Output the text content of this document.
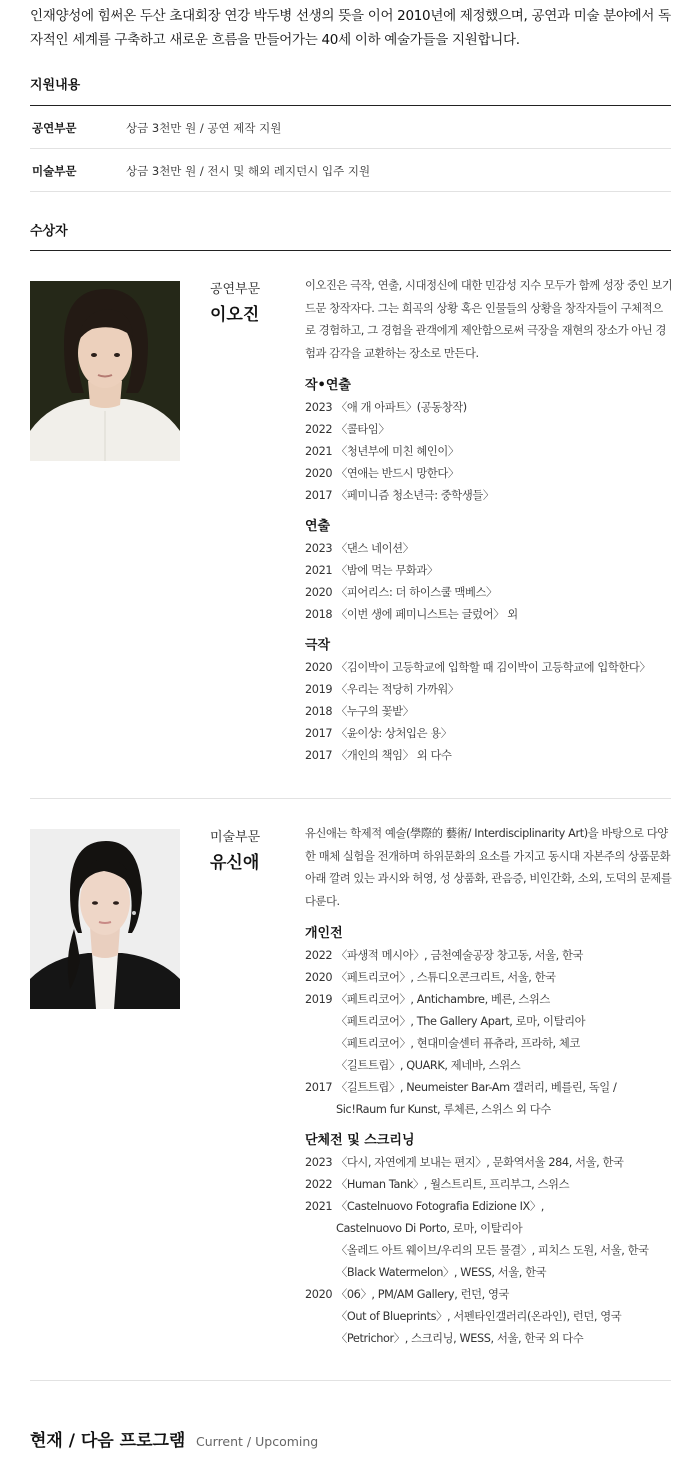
인재양성에 힘써온 두산 초대회장 연강 박두병 선생의 뜻을 이어 2010년에 제정했으며, 공연과 미술 분야에서 독자적인 세계를 구축하고 새로운 흐름을 만들어가는 40세 이하 예술가들을 지원합니다.

지원내용
공연부문	상금 3천만 원 / 공연 제작 지원
미술부문	상금 3천만 원 / 전시 및 해외 레지던시 입주 지원
수상자
공연부문
이오진

이오진은 극작, 연출, 시대정신에 대한 민감성 지수 모두가 함께 성장 중인 보기 드문 창작자다. 그는 희곡의 상황 혹은 인물들의 상황을 창작자들이 구체적으로 경험하고, 그 경험을 관객에게 제안함으로써 극장을 재현의 장소가 아닌 경험과 감각을 교환하는 장소로 만든다.

작•연출
2023 〈애 개 아파트〉(공동창작)
2022 〈콜타임〉
2021 〈청년부에 미친 혜인이〉
2020 〈연애는 반드시 망한다〉
2017 〈페미니즘 청소년극: 중학생들〉
연출
2023 〈댄스 네이션〉
2021 〈밤에 먹는 무화과〉
2020 〈피어리스: 더 하이스쿨 맥베스〉
2018 〈이번 생에 페미니스트는 글렀어〉 외
극작
2020 〈김이박이 고등학교에 입학할 때 김이박이 고등학교에 입학한다〉
2019 〈우리는 적당히 가까워〉
2018 〈누구의 꽃밭〉
2017 〈윤이상: 상처입은 용〉
2017 〈개인의 책임〉 외 다수
미술부문
유신애

유신애는 학제적 예술(學際的 藝術/ Interdisciplinarity Art)을 바탕으로 다양한 매체 실험을 전개하며 하위문화의 요소를 가지고 동시대 자본주의 상품문화 아래 깔려 있는 과시와 허영, 성 상품화, 관음증, 비인간화, 소외, 도덕의 문제를 다룬다.

개인전
2022 〈파생적 메시아〉, 금천예술공장 창고동, 서울, 한국
2020 〈페트리코어〉, 스튜디오콘크리트, 서울, 한국
2019 〈페트리코어〉, Antichambre, 베른, 스위스
〈페트리코어〉, The Gallery Apart, 로마, 이탈리아
〈페트리코어〉, 현대미술센터 퓨츄라, 프라하, 체코
〈길트트립〉, QUARK, 제네바, 스위스
2017 〈길트트립〉, Neumeister Bar-Am 갤러리, 베를린, 독일 /
Sic!Raum fur Kunst, 루체른, 스위스 외 다수
단체전 및 스크리닝
2023 〈다시, 자연에게 보내는 편지〉, 문화역서울 284, 서울, 한국
2022 〈Human Tank〉, 월스트리트, 프리부그, 스위스
2021 〈Castelnuovo Fotografia Edizione IX〉,
Castelnuovo Di Porto, 로마, 이탈리아
〈올레드 아트 웨이브/우리의 모든 물결〉, 피치스 도원, 서울, 한국
〈Black Watermelon〉, WESS, 서울, 한국
2020 〈06〉, PM/AM Gallery, 런던, 영국
〈Out of Blueprints〉, 서펜타인갤러리(온라인), 런던, 영국
〈Petrichor〉, 스크리닝, WESS, 서울, 한국 외 다수
현재 / 다음 프로그램 Current / Upcoming
